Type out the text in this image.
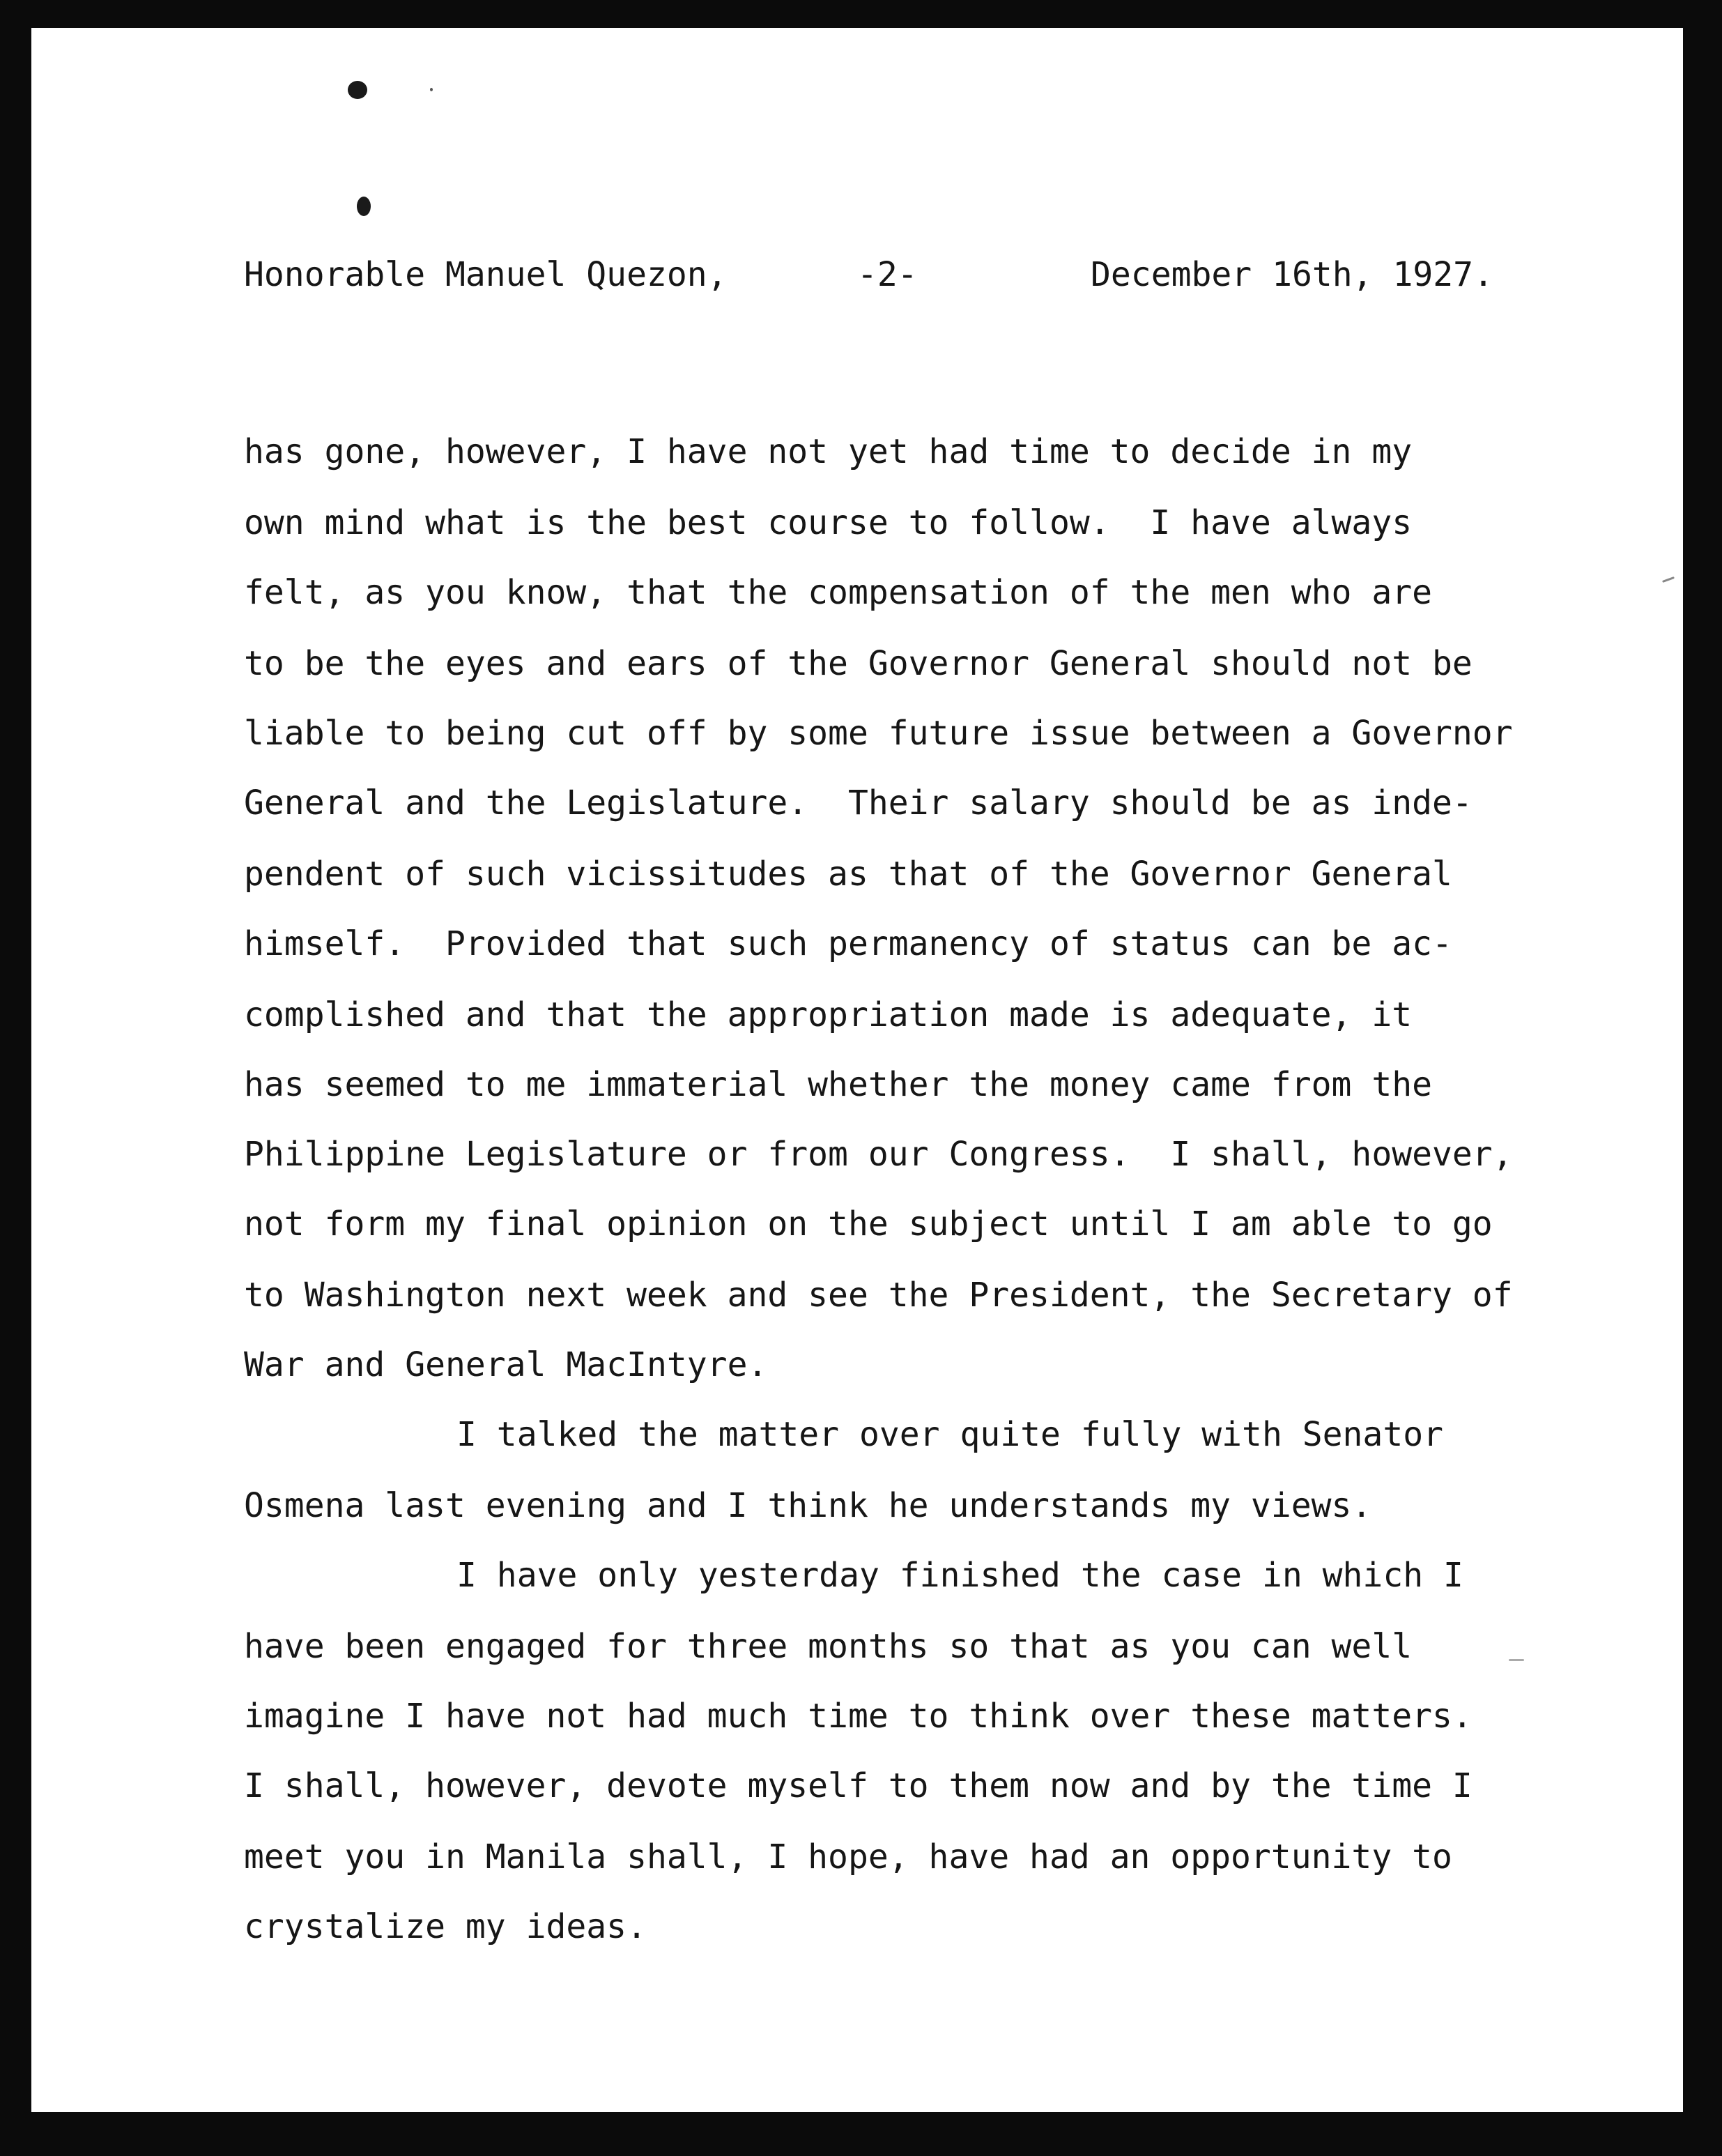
Honorable Manuel Quezon,	-2-	December 16th, 1927.
has gone, however, I have not yet had time to decide in my
own mind what is the best course to follow.  I have always
felt, as you know, that the compensation of the men who are
to be the eyes and ears of the Governor General should not be
liable to being cut off by some future issue between a Governor
General and the Legislature.  Their salary should be as inde-
pendent of such vicissitudes as that of the Governor General
himself.  Provided that such permanency of status can be ac-
complished and that the appropriation made is adequate, it
has seemed to me immaterial whether the money came from the
Philippine Legislature or from our Congress.  I shall, however,
not form my final opinion on the subject until I am able to go
to Washington next week and see the President, the Secretary of
War and General MacIntyre.
I talked the matter over quite fully with Senator
Osmena last evening and I think he understands my views.
I have only yesterday finished the case in which I
have been engaged for three months so that as you can well
imagine I have not had much time to think over these matters.
I shall, however, devote myself to them now and by the time I
meet you in Manila shall, I hope, have had an opportunity to
crystalize my ideas.
